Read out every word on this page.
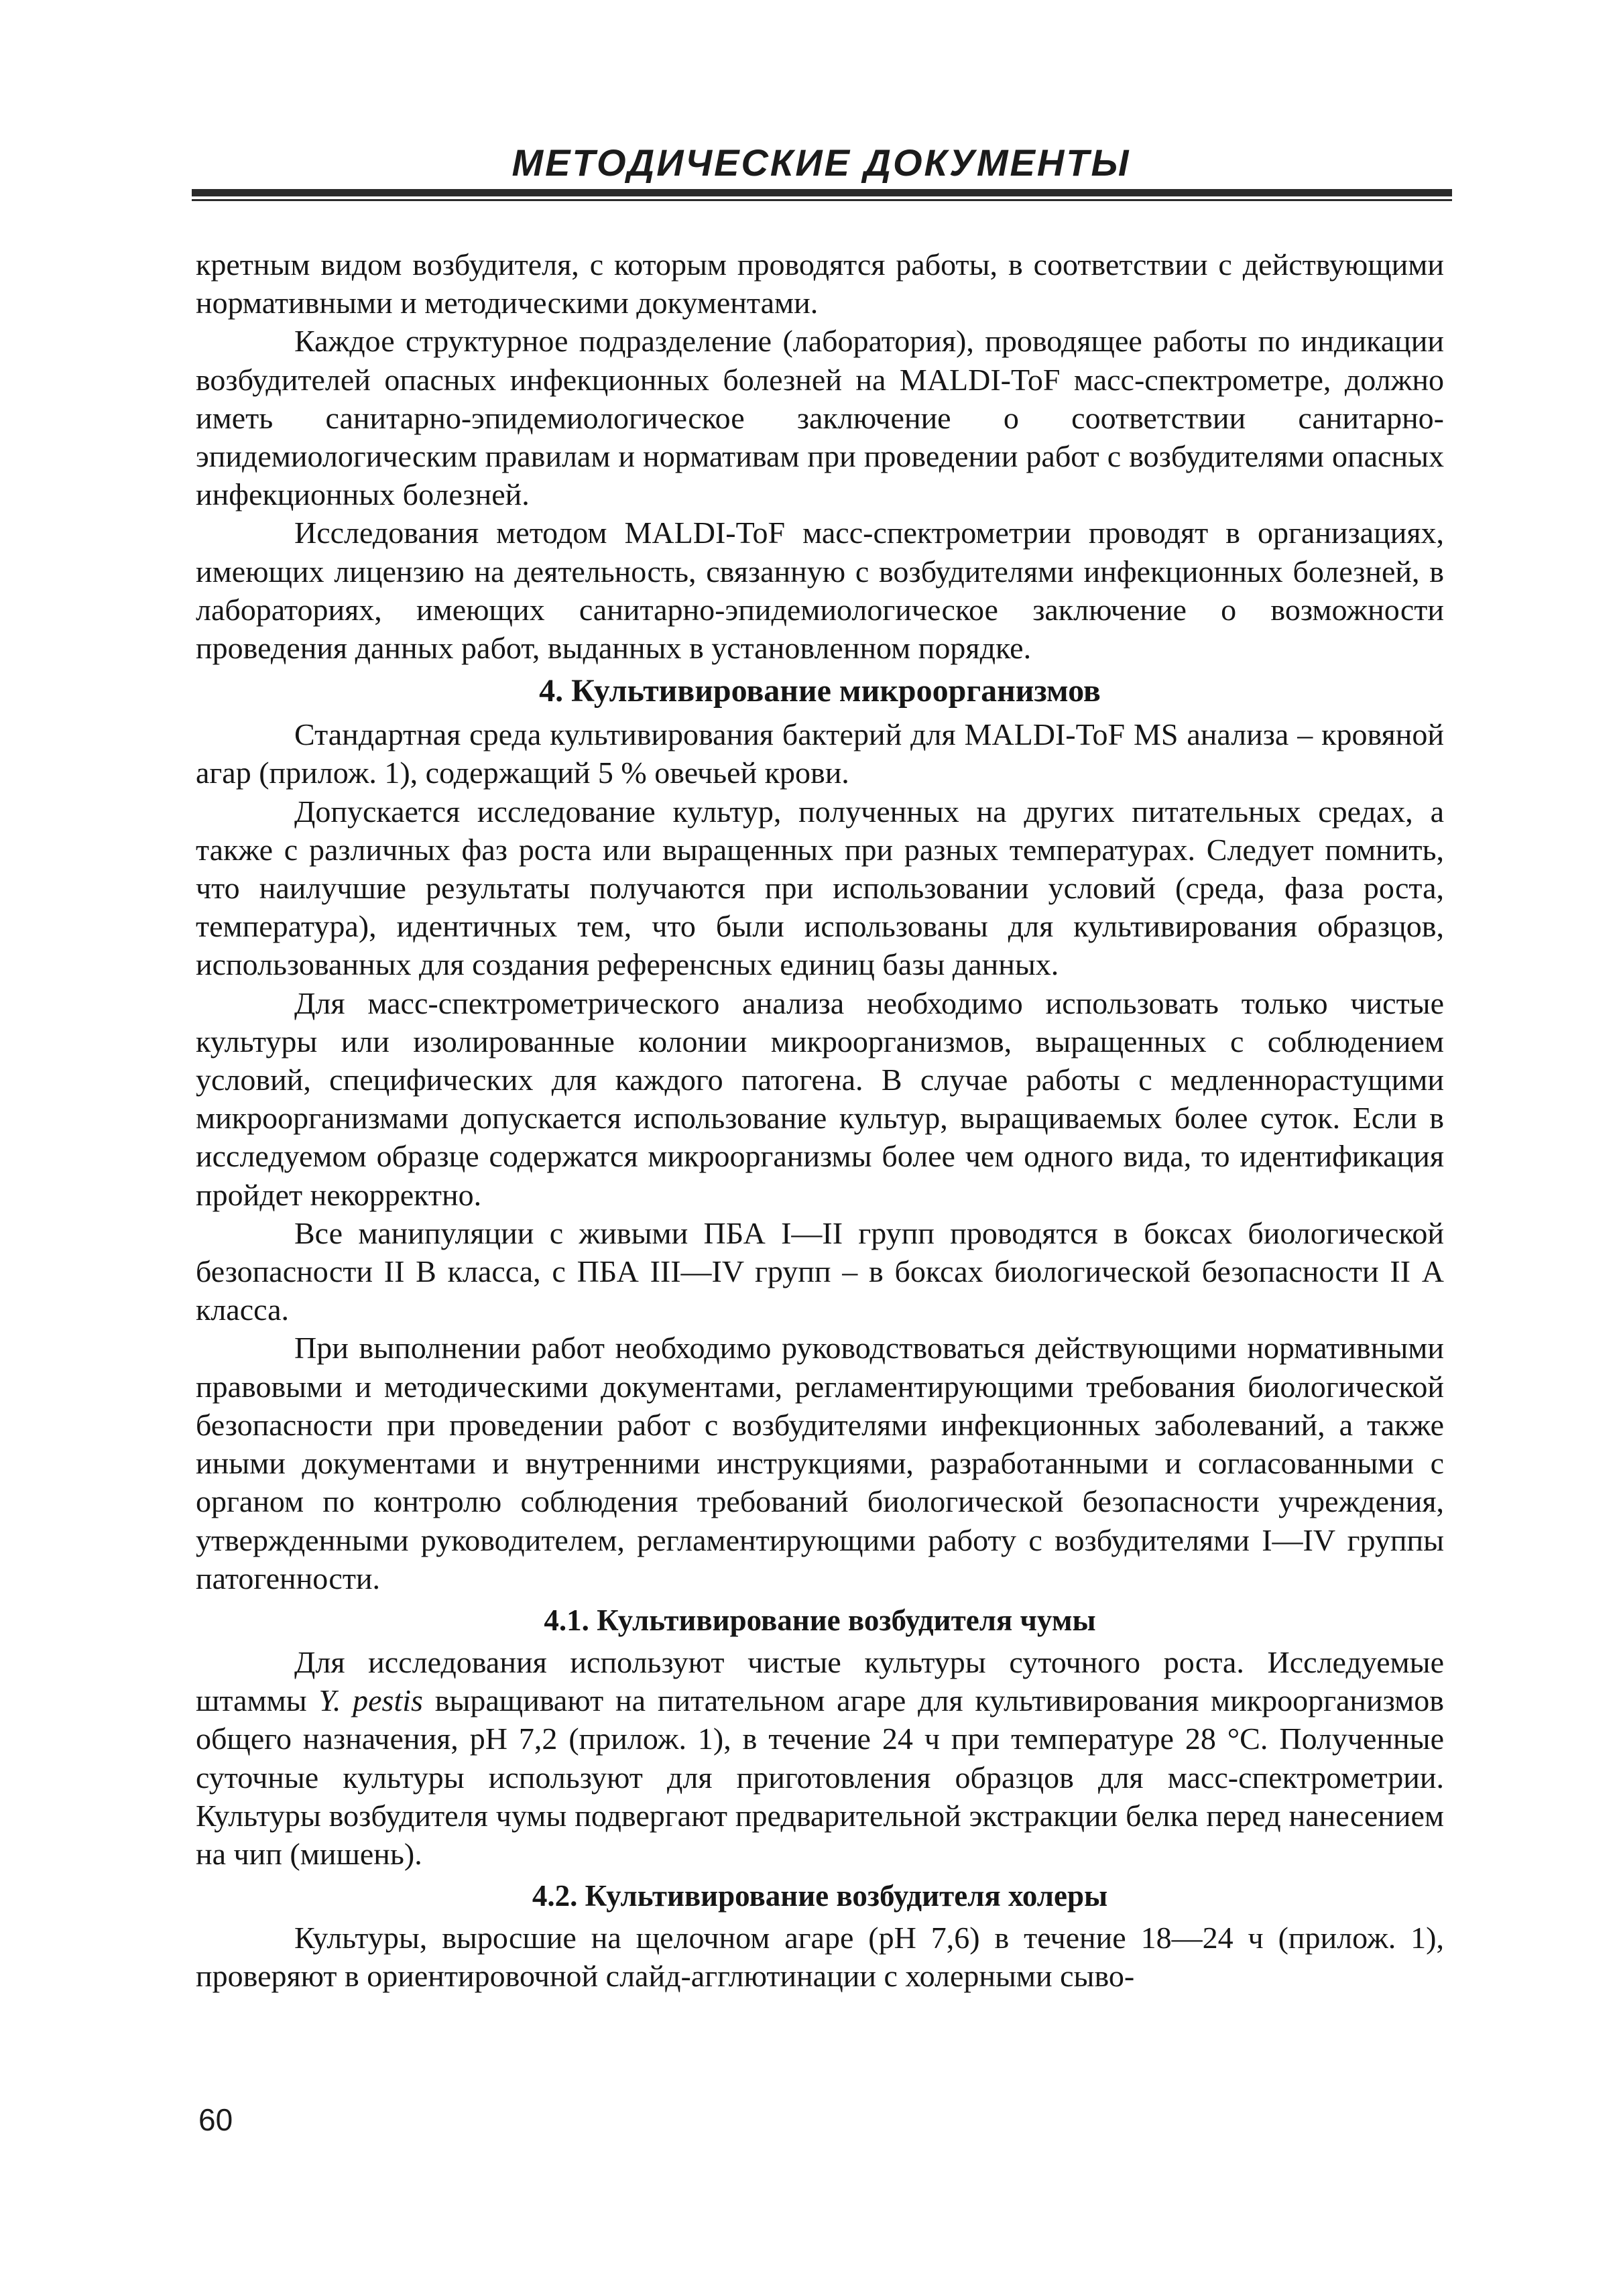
МЕТОДИЧЕСКИЕ ДОКУМЕНТЫ

кретным видом возбудителя, с которым проводятся работы, в соответствии с действующими нормативными и методическими документами.

Каждое структурное подразделение (лаборатория), проводящее работы по индикации возбудителей опасных инфекционных болезней на MALDI-ToF масс-спектрометре, должно иметь санитарно-эпидемиологическое заключение о соответствии санитарно-эпидемиологическим правилам и нормативам при проведении работ с возбудителями опасных инфекционных болезней.

Исследования методом MALDI-ToF масс-спектрометрии проводят в организациях, имеющих лицензию на деятельность, связанную с возбудителями инфекционных болезней, в лабораториях, имеющих санитарно-эпидемиологическое заключение о возможности проведения данных работ, выданных в установленном порядке.

4. Культивирование микроорганизмов

Стандартная среда культивирования бактерий для MALDI-ToF MS анализа – кровяной агар (прилож. 1), содержащий 5 % овечьей крови.

Допускается исследование культур, полученных на других питательных средах, а также с различных фаз роста или выращенных при разных температурах. Следует помнить, что наилучшие результаты получаются при использовании условий (среда, фаза роста, температура), идентичных тем, что были использованы для культивирования образцов, использованных для создания референсных единиц базы данных.

Для масс-спектрометрического анализа необходимо использовать только чистые культуры или изолированные колонии микроорганизмов, выращенных с соблюдением условий, специфических для каждого патогена. В случае работы с медленнорастущими микроорганизмами допускается использование культур, выращиваемых более суток. Если в исследуемом образце содержатся микроорганизмы более чем одного вида, то идентификация пройдет некорректно.

Все манипуляции с живыми ПБА I—II групп проводятся в боксах биологической безопасности II В класса, с ПБА III—IV групп – в боксах биологической безопасности II А класса.

При выполнении работ необходимо руководствоваться действующими нормативными правовыми и методическими документами, регламентирующими требования биологической безопасности при проведении работ с возбудителями инфекционных заболеваний, а также иными документами и внутренними инструкциями, разработанными и согласованными с органом по контролю соблюдения требований биологической безопасности учреждения, утвержденными руководителем, регламентирующими работу с возбудителями I—IV группы патогенности.

4.1. Культивирование возбудителя чумы

Для исследования используют чистые культуры суточного роста. Исследуемые штаммы Y. pestis выращивают на питательном агаре для культивирования микроорганизмов общего назначения, pH 7,2 (прилож. 1), в течение 24 ч при температуре 28 °С. Полученные суточные культуры используют для приготовления образцов для масс-спектрометрии. Культуры возбудителя чумы подвергают предварительной экстракции белка перед нанесением на чип (мишень).

4.2. Культивирование возбудителя холеры

Культуры, выросшие на щелочном агаре (pH 7,6) в течение 18—24 ч (прилож. 1), проверяют в ориентировочной слайд-агглютинации с холерными сыво-

60
